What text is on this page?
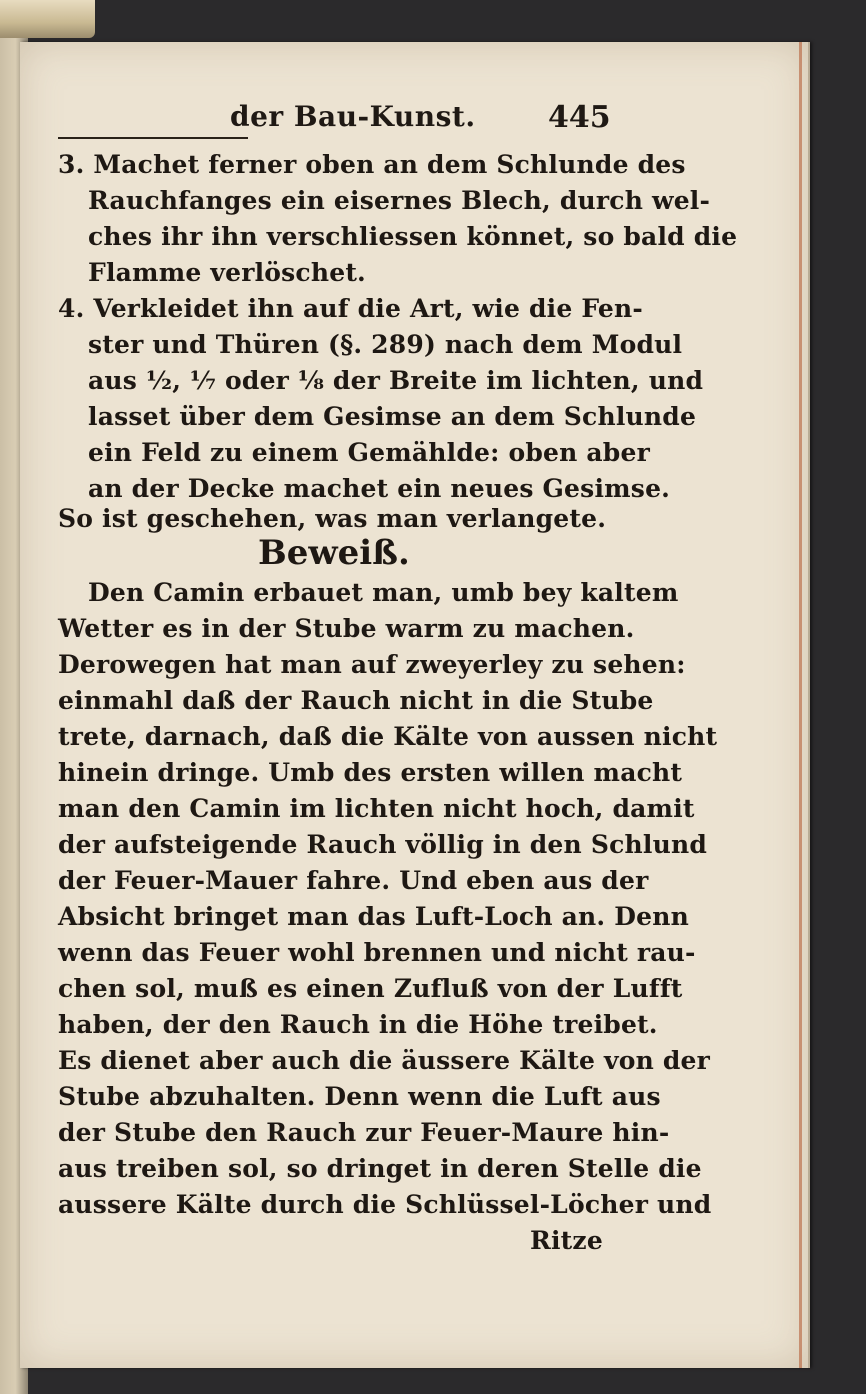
der Bau-Kunst. 445
3. Machet ferner oben an dem Schlunde des
Rauchfanges ein eisernes Blech, durch wel-
ches ihr ihn verschliessen könnet, so bald die
Flamme verlöschet.
4. Verkleidet ihn auf die Art, wie die Fen-
ster und Thüren (§. 289) nach dem Modul
aus ½, ⅐ oder ⅛ der Breite im lichten, und
lasset über dem Gesimse an dem Schlunde
ein Feld zu einem Gemählde: oben aber
an der Decke machet ein neues Gesimse.
So ist geschehen, was man verlangete.
Beweiß.
Den Camin erbauet man, umb bey kaltem
Wetter es in der Stube warm zu machen.
Derowegen hat man auf zweyerley zu sehen:
einmahl daß der Rauch nicht in die Stube
trete, darnach, daß die Kälte von aussen nicht
hinein dringe. Umb des ersten willen macht
man den Camin im lichten nicht hoch, damit
der aufsteigende Rauch völlig in den Schlund
der Feuer-Mauer fahre. Und eben aus der
Absicht bringet man das Luft-Loch an. Denn
wenn das Feuer wohl brennen und nicht rau-
chen sol, muß es einen Zufluß von der Lufft
haben, der den Rauch in die Höhe treibet.
Es dienet aber auch die äussere Kälte von der
Stube abzuhalten. Denn wenn die Luft aus
der Stube den Rauch zur Feuer-Maure hin-
aus treiben sol, so dringet in deren Stelle die
aussere Kälte durch die Schlüssel-Löcher und
Ritze
